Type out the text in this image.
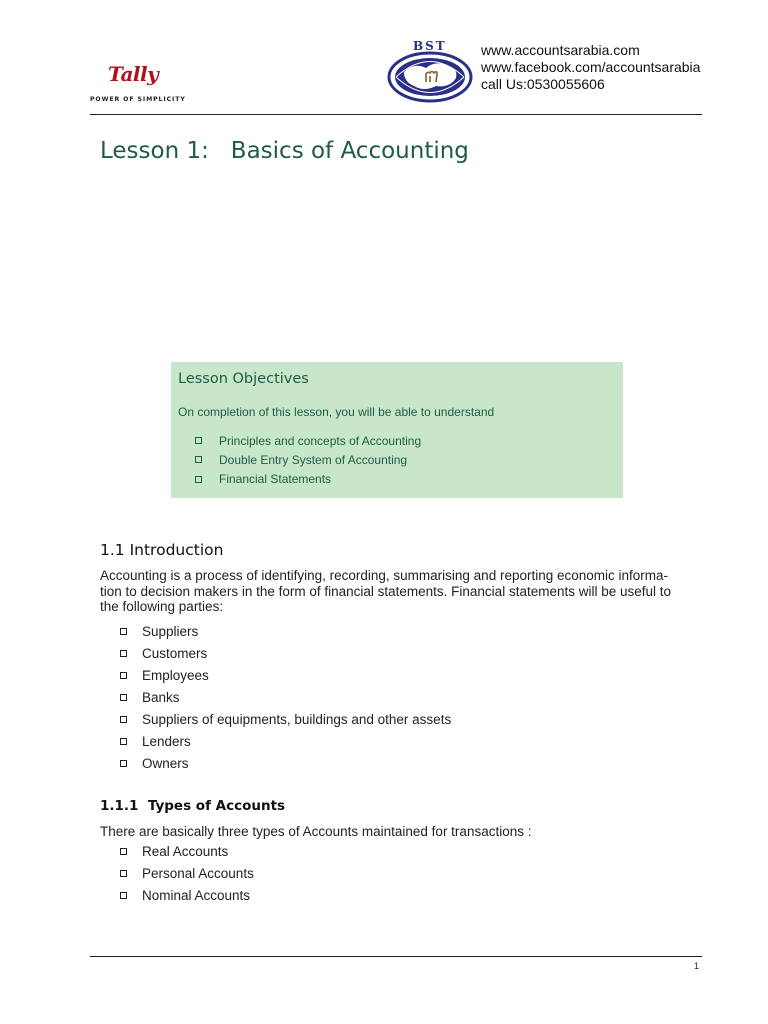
Tally
POWER OF SIMPLICITY
BST www.accountsarabia.com
www.facebook.com/accountsarabia
call Us:0530055606
Lesson 1:   Basics of Accounting
Lesson Objectives
On completion of this lesson, you will be able to understand
Principles and concepts of Accounting
Double Entry System of Accounting
Financial Statements
1.1 Introduction

Accounting is a process of identifying, recording, summarising and reporting economic informa-
tion to decision makers in the form of financial statements. Financial statements will be useful to
the following parties:

Suppliers
Customers
Employees
Banks
Suppliers of equipments, buildings and other assets
Lenders
Owners
1.1.1  Types of Accounts

There are basically three types of Accounts maintained for transactions :

Real Accounts
Personal Accounts
Nominal Accounts
1
